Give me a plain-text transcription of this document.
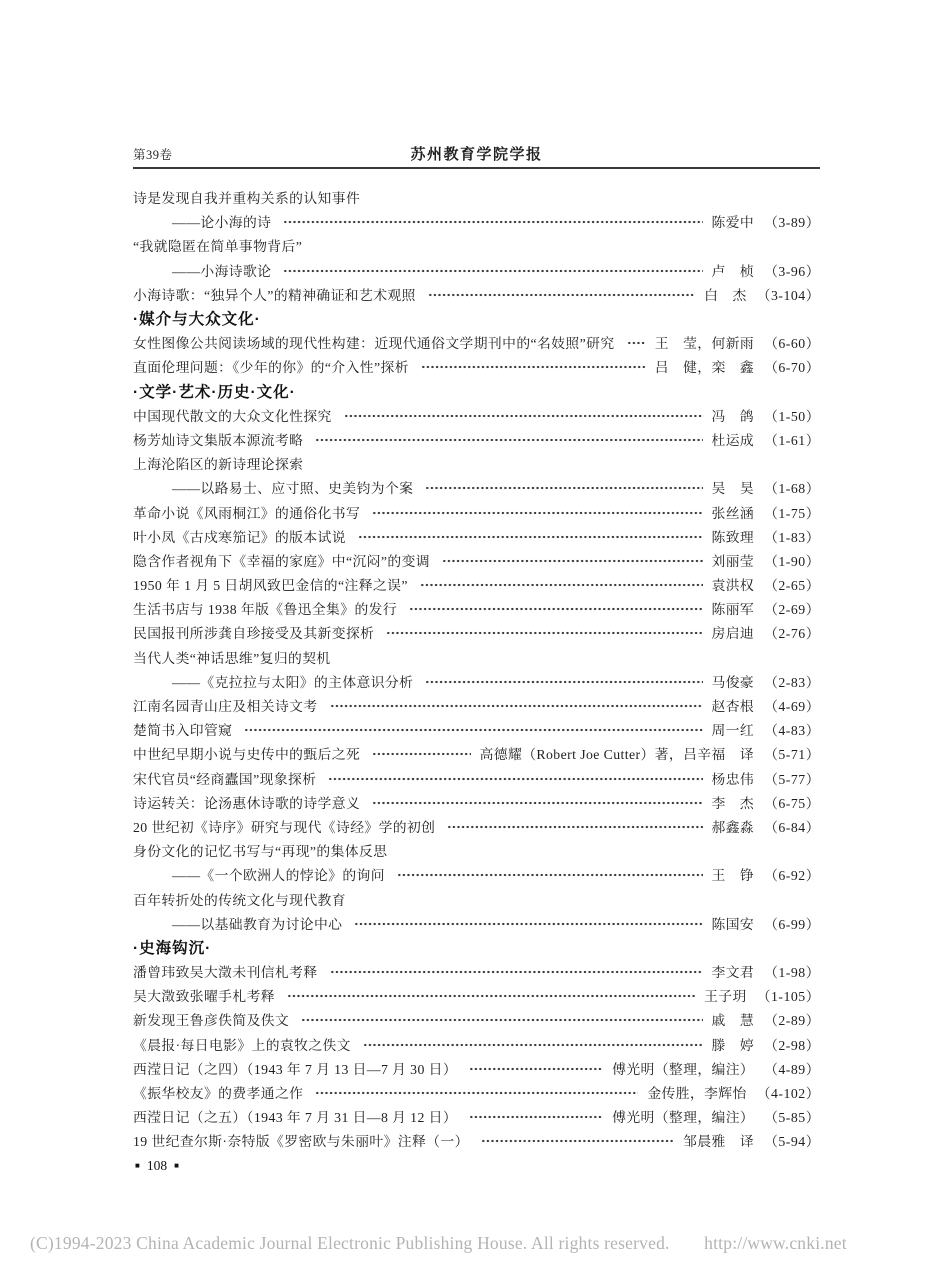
第39卷	苏州教育学院学报
诗是发现自我并重构关系的认知事件
——论小海的诗	陈爱中 （3-89）
“我就隐匿在简单事物背后”
——小海诗歌论	卢　桢 （3-96）
小海诗歌：“独异个人”的精神确证和艺术观照	白　杰 （3-104）
·媒介与大众文化·
女性图像公共阅读场域的现代性构建：近现代通俗文学期刊中的“名妓照”研究	王　莹，何新雨 （6-60）
直面伦理问题：《少年的你》的“介入性”探析	吕　健，栾　鑫 （6-70）
·文学·艺术·历史·文化·
中国现代散文的大众文化性探究	冯　鸽 （1-50）
杨芳灿诗文集版本源流考略	杜运成 （1-61）
上海沦陷区的新诗理论探索
——以路易士、应寸照、史美钧为个案	吴　昊 （1-68）
革命小说《风雨桐江》的通俗化书写	张丝涵 （1-75）
叶小凤《古戍寒笳记》的版本试说	陈致理 （1-83）
隐含作者视角下《幸福的家庭》中“沉闷”的变调	刘丽莹 （1-90）
1950 年 1 月 5 日胡风致巴金信的“注释之误”	袁洪权 （2-65）
生活书店与 1938 年版《鲁迅全集》的发行	陈丽军 （2-69）
民国报刊所涉龚自珍接受及其新变探析	房启迪 （2-76）
当代人类“神话思维”复归的契机
——《克拉拉与太阳》的主体意识分析	马俊豪 （2-83）
江南名园青山庄及相关诗文考	赵杏根 （4-69）
楚简书入印管窥	周一红 （4-83）
中世纪早期小说与史传中的甄后之死	高德耀（Robert Joe Cutter）著，吕辛福　译 （5-71）
宋代官员“经商蠹国”现象探析	杨忠伟 （5-77）
诗运转关：论汤惠休诗歌的诗学意义	李　杰 （6-75）
20 世纪初《诗序》研究与现代《诗经》学的初创	郝鑫淼 （6-84）
身份文化的记忆书写与“再现”的集体反思
——《一个欧洲人的悖论》的询问	王　铮 （6-92）
百年转折处的传统文化与现代教育
——以基础教育为讨论中心	陈国安 （6-99）
·史海钩沉·
潘曾玮致吴大澂未刊信札考释	李文君 （1-98）
吴大澂致张曜手札考释	王子玥 （1-105）
新发现王鲁彦佚简及佚文	戚　慧 （2-89）
《晨报·每日电影》上的袁牧之佚文	滕　婷 （2-98）
西滢日记（之四）（1943 年 7 月 13 日—7 月 30 日）	傅光明（整理，编注） （4-89）
《振华校友》的费孝通之作	金传胜，李辉怡 （4-102）
西滢日记（之五）（1943 年 7 月 31 日—8 月 12 日）	傅光明（整理，编注） （5-85）
19 世纪查尔斯·奈特版《罗密欧与朱丽叶》注释（一）	邹晨雅　译 （5-94）
■ 108 ■
(C)1994-2023 China Academic Journal Electronic Publishing House. All rights reserved. http://www.cnki.net
